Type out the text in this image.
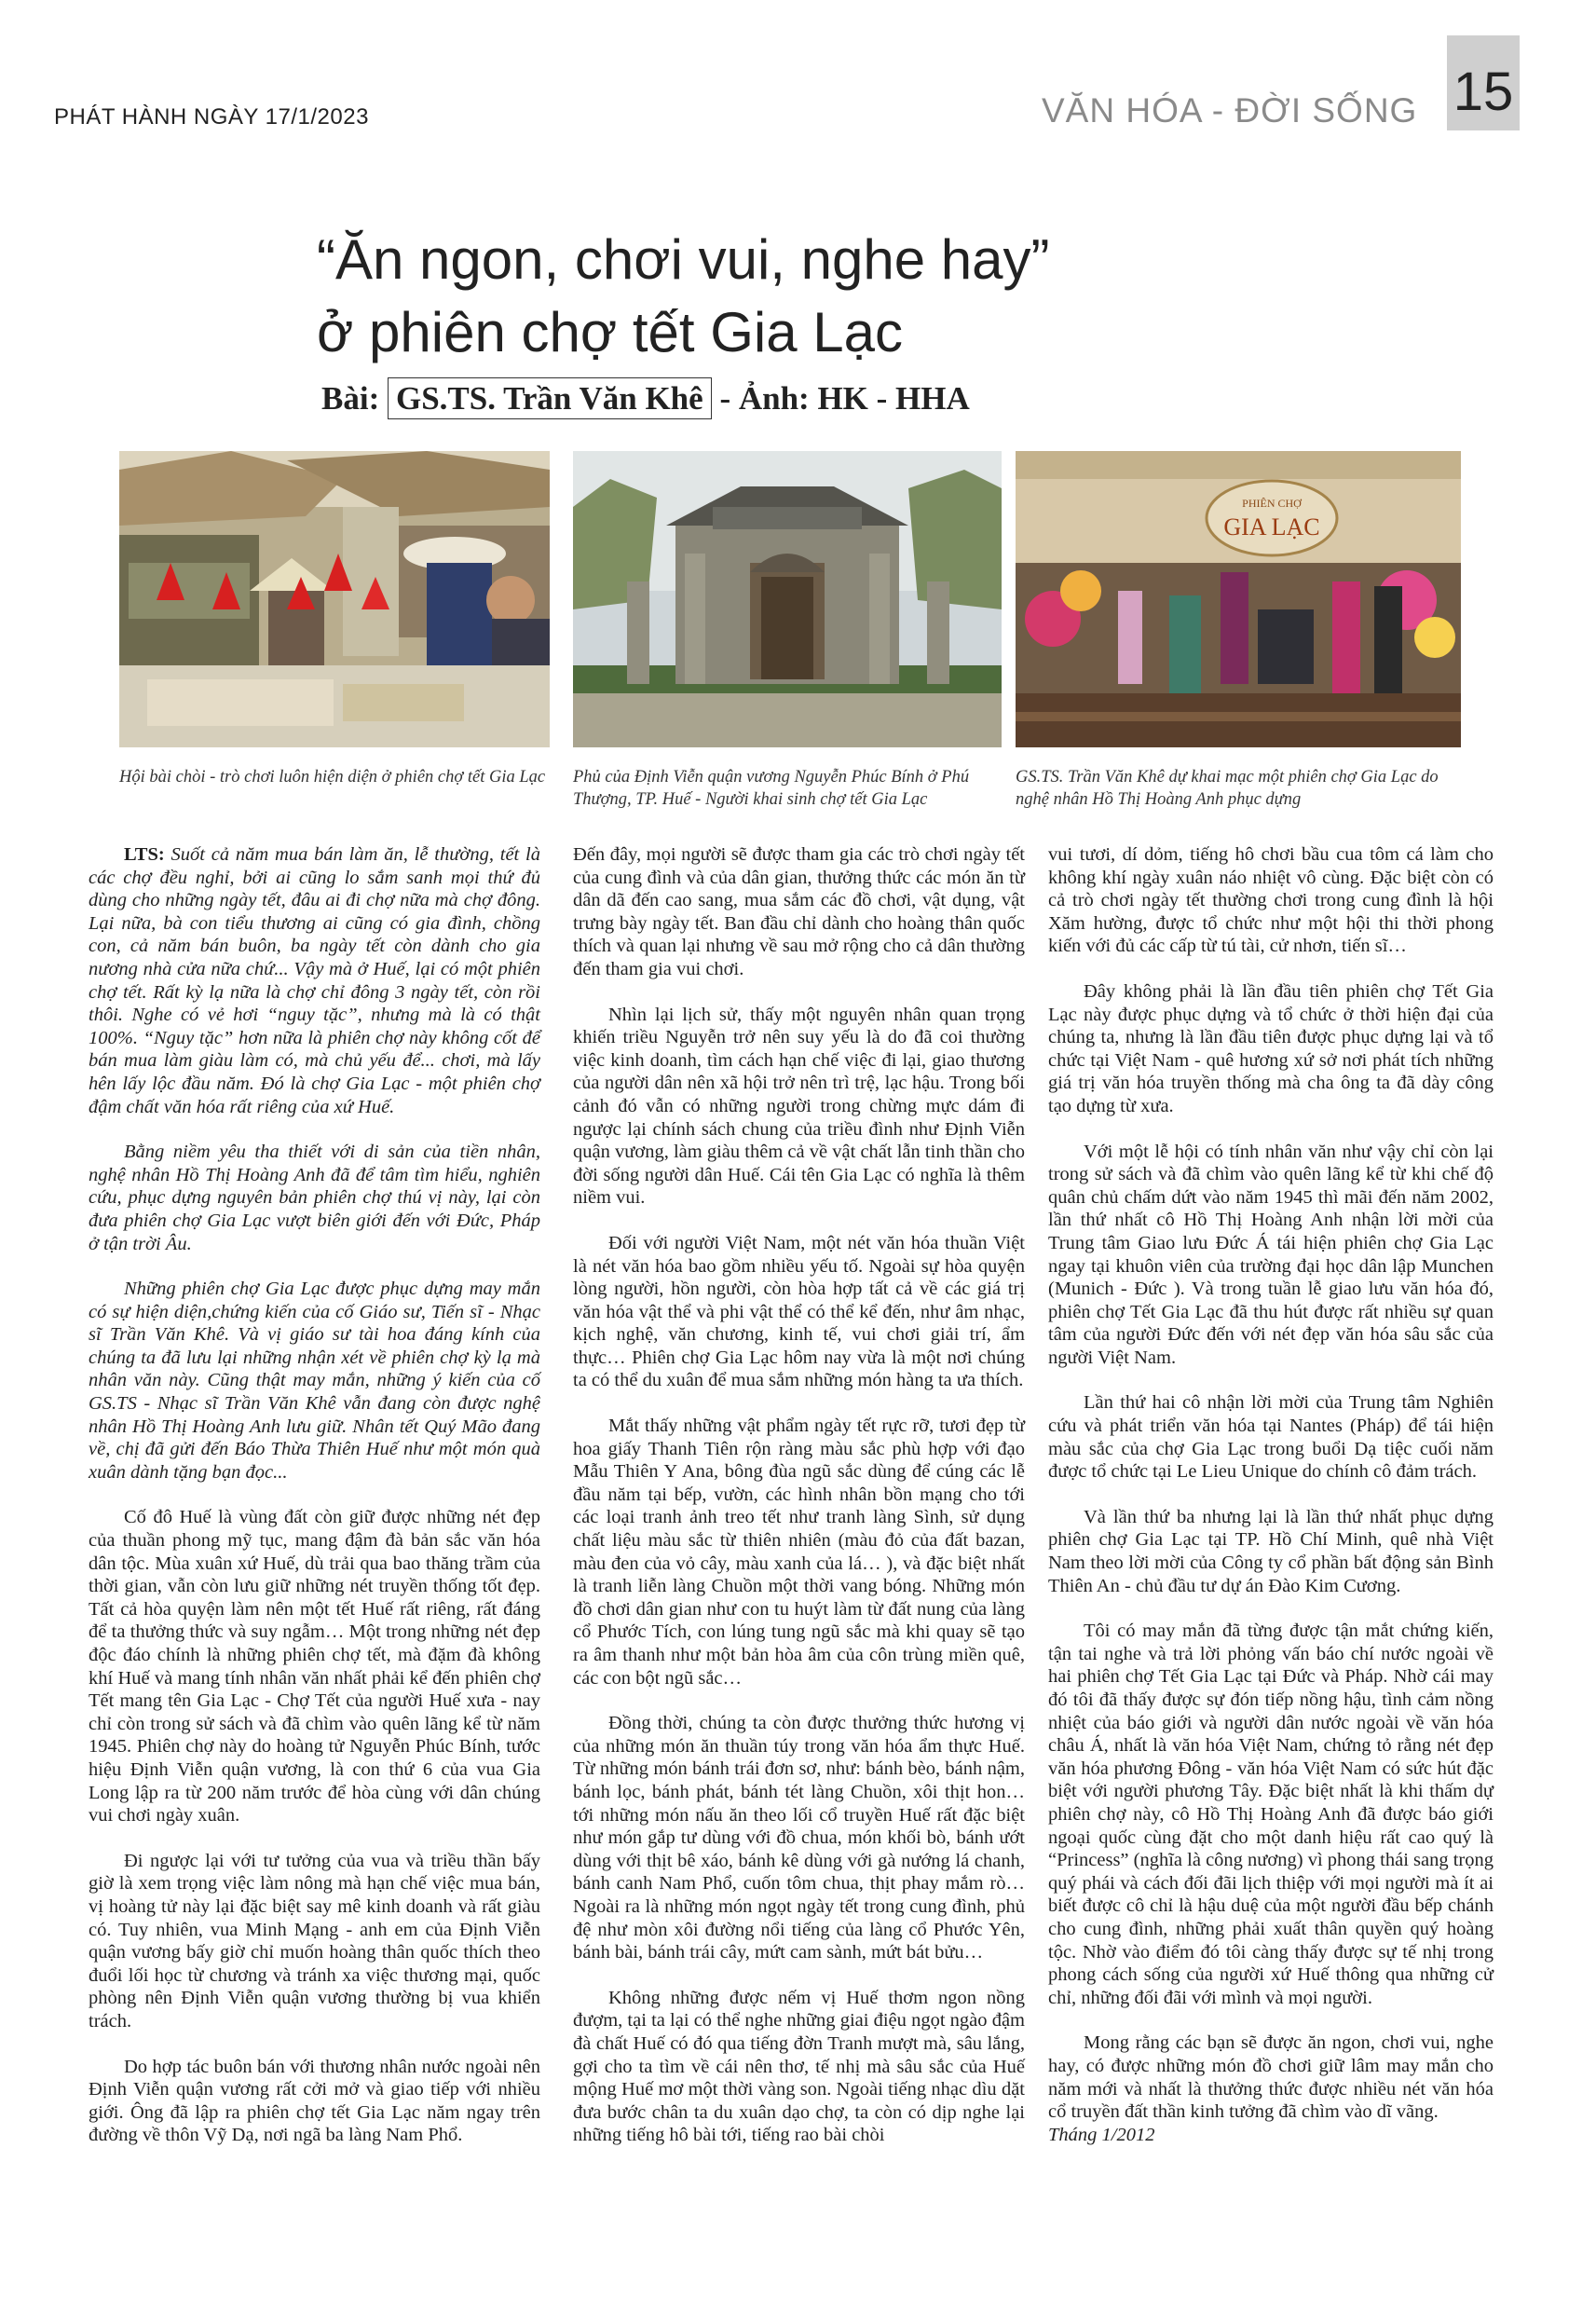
PHÁT HÀNH NGÀY 17/1/2023	VĂN HÓA - ĐỜI SỐNG 15
“Ăn ngon, chơi vui, nghe hay”
ở phiên chợ tết Gia Lạc
Bài: GS.TS. Trần Văn Khê - Ảnh: HK - HHA

Hội bài chòi - trò chơi luôn hiện diện ở phiên chợ tết Gia Lạc Phủ của Định Viễn quận vương Nguyễn Phúc Bính ở Phú Thượng, TP. Huế - Người khai sinh chợ tết Gia Lạc

PHIÊN CHỢ
GIA LẠC

GS.TS. Trần Văn Khê dự khai mạc một phiên chợ Gia Lạc do nghệ nhân Hồ Thị Hoàng Anh phục dựng

LTS: Suốt cả năm mua bán làm ăn, lễ thường, tết là các chợ đều nghỉ, bởi ai cũng lo sắm sanh mọi thứ đủ dùng cho những ngày tết, đâu ai đi chợ nữa mà chợ đông. Lại nữa, bà con tiểu thương ai cũng có gia đình, chồng con, cả năm bán buôn, ba ngày tết còn dành cho gia nương nhà cửa nữa chứ... Vậy mà ở Huế, lại có một phiên chợ tết. Rất kỳ lạ nữa là chợ chỉ đông 3 ngày tết, còn rồi thôi. Nghe có vẻ hơi “nguy tặc”, nhưng mà là có thật 100%. “Nguy tặc” hơn nữa là phiên chợ này không cốt để bán mua làm giàu làm có, mà chủ yếu để... chơi, mà lấy hên lấy lộc đầu năm. Đó là chợ Gia Lạc - một phiên chợ đậm chất văn hóa rất riêng của xứ Huế.

Bằng niềm yêu tha thiết với di sản của tiền nhân, nghệ nhân Hồ Thị Hoàng Anh đã để tâm tìm hiểu, nghiên cứu, phục dựng nguyên bản phiên chợ thú vị này, lại còn đưa phiên chợ Gia Lạc vượt biên giới đến với Đức, Pháp ở tận trời Âu.

Những phiên chợ Gia Lạc được phục dựng may mắn có sự hiện diện,chứng kiến của cố Giáo sư, Tiến sĩ - Nhạc sĩ Trần Văn Khê. Và vị giáo sư tài hoa đáng kính của chúng ta đã lưu lại những nhận xét về phiên chợ kỳ lạ mà nhân văn này. Cũng thật may mắn, những ý kiến của cố GS.TS - Nhạc sĩ Trần Văn Khê vẫn đang còn được nghệ nhân Hồ Thị Hoàng Anh lưu giữ. Nhân tết Quý Mão đang về, chị đã gửi đến Báo Thừa Thiên Huế như một món quà xuân dành tặng bạn đọc...

Cố đô Huế là vùng đất còn giữ được những nét đẹp của thuần phong mỹ tục, mang đậm đà bản sắc văn hóa dân tộc. Mùa xuân xứ Huế, dù trải qua bao thăng trầm của thời gian, vẫn còn lưu giữ những nét truyền thống tốt đẹp. Tất cả hòa quyện làm nên một tết Huế rất riêng, rất đáng để ta thưởng thức và suy ngẫm… Một trong những nét đẹp độc đáo chính là những phiên chợ tết, mà đặm đà không khí Huế và mang tính nhân văn nhất phải kể đến phiên chợ Tết mang tên Gia Lạc - Chợ Tết của người Huế xưa - nay chỉ còn trong sử sách và đã chìm vào quên lãng kể từ năm 1945. Phiên chợ này do hoàng tử Nguyễn Phúc Bính, tước hiệu Định Viễn quận vương, là con thứ 6 của vua Gia Long lập ra từ 200 năm trước để hòa cùng với dân chúng vui chơi ngày xuân.

Đi ngược lại với tư tưởng của vua và triều thần bấy giờ là xem trọng việc làm nông mà hạn chế việc mua bán, vị hoàng tử này lại đặc biệt say mê kinh doanh và rất giàu có. Tuy nhiên, vua Minh Mạng - anh em của Định Viễn quận vương bấy giờ chỉ muốn hoàng thân quốc thích theo đuổi lối học từ chương và tránh xa việc thương mại, quốc phòng nên Định Viễn quận vương thường bị vua khiển trách.

Do hợp tác buôn bán với thương nhân nước ngoài nên Định Viễn quận vương rất cởi mở và giao tiếp với nhiều giới. Ông đã lập ra phiên chợ tết Gia Lạc năm ngay trên đường về thôn Vỹ Dạ, nơi ngã ba làng Nam Phổ.

Đến đây, mọi người sẽ được tham gia các trò chơi ngày tết của cung đình và của dân gian, thưởng thức các món ăn từ dân dã đến cao sang, mua sắm các đồ chơi, vật dụng, vật trưng bày ngày tết. Ban đầu chỉ dành cho hoàng thân quốc thích và quan lại nhưng về sau mở rộng cho cả dân thường đến tham gia vui chơi.

Nhìn lại lịch sử, thấy một nguyên nhân quan trọng khiến triều Nguyễn trở nên suy yếu là do đã coi thường việc kinh doanh, tìm cách hạn chế việc đi lại, giao thương của người dân nên xã hội trở nên trì trệ, lạc hậu. Trong bối cảnh đó vẫn có những người trong chừng mực dám đi ngược lại chính sách chung của triều đình như Định Viễn quận vương, làm giàu thêm cả về vật chất lẫn tinh thần cho đời sống người dân Huế. Cái tên Gia Lạc có nghĩa là thêm niềm vui.

Đối với người Việt Nam, một nét văn hóa thuần Việt là nét văn hóa bao gồm nhiều yếu tố. Ngoài sự hòa quyện lòng người, hồn người, còn hòa hợp tất cả về các giá trị văn hóa vật thể và phi vật thể có thể kể đến, như âm nhạc, kịch nghệ, văn chương, kinh tế, vui chơi giải trí, ẩm thực… Phiên chợ Gia Lạc hôm nay vừa là một nơi chúng ta có thể du xuân để mua sắm những món hàng ta ưa thích.

Mắt thấy những vật phẩm ngày tết rực rỡ, tươi đẹp từ hoa giấy Thanh Tiên rộn ràng màu sắc phù hợp với đạo Mẫu Thiên Y Ana, bông đùa ngũ sắc dùng để cúng các lễ đầu năm tại bếp, vườn, các hình nhân bồn mạng cho tới các loại tranh ảnh treo tết như tranh làng Sình, sử dụng chất liệu màu sắc từ thiên nhiên (màu đỏ của đất bazan, màu đen của vỏ cây, màu xanh của lá… ), và đặc biệt nhất là tranh liễn làng Chuồn một thời vang bóng. Những món đồ chơi dân gian như con tu huýt làm từ đất nung của làng cổ Phước Tích, con lúng tung ngũ sắc mà khi quay sẽ tạo ra âm thanh như một bản hòa âm của côn trùng miền quê, các con bột ngũ sắc…

Đồng thời, chúng ta còn được thưởng thức hương vị của những món ăn thuần túy trong văn hóa ẩm thực Huế. Từ những món bánh trái đơn sơ, như: bánh bèo, bánh nậm, bánh lọc, bánh phát, bánh tét làng Chuồn, xôi thịt hon… tới những món nấu ăn theo lối cổ truyền Huế rất đặc biệt như món gắp tư dùng với đồ chua, món khối bò, bánh ướt dùng với thịt bê xáo, bánh kê dùng với gà nướng lá chanh, bánh canh Nam Phổ, cuốn tôm chua, thịt phay mắm rò… Ngoài ra là những món ngọt ngày tết trong cung đình, phủ đệ như mòn xôi đường nổi tiếng của làng cổ Phước Yên, bánh bài, bánh trái cây, mứt cam sành, mứt bát bửu…

Không những được nếm vị Huế thơm ngon nồng đượm, tại ta lại có thể nghe những giai điệu ngọt ngào đậm đà chất Huế có đó qua tiếng đờn Tranh mượt mà, sâu lắng, gợi cho ta tìm về cái nên thơ, tế nhị mà sâu sắc của Huế mộng Huế mơ một thời vàng son. Ngoài tiếng nhạc dìu dặt đưa bước chân ta du xuân dạo chợ, ta còn có dịp nghe lại những tiếng hô bài tới, tiếng rao bài chòi

vui tươi, dí dỏm, tiếng hô chơi bầu cua tôm cá làm cho không khí ngày xuân náo nhiệt vô cùng. Đặc biệt còn có cả trò chơi ngày tết thường chơi trong cung đình là hội Xăm hường, được tổ chức như một hội thi thời phong kiến với đủ các cấp từ tú tài, cử nhơn, tiến sĩ…

Đây không phải là lần đầu tiên phiên chợ Tết Gia Lạc này được phục dựng và tổ chức ở thời hiện đại của chúng ta, nhưng là lần đầu tiên được phục dựng lại và tổ chức tại Việt Nam - quê hương xứ sở nơi phát tích những giá trị văn hóa truyền thống mà cha ông ta đã dày công tạo dựng từ xưa.

Với một lễ hội có tính nhân văn như vậy chỉ còn lại trong sử sách và đã chìm vào quên lãng kể từ khi chế độ quân chủ chấm dứt vào năm 1945 thì mãi đến năm 2002, lần thứ nhất cô Hồ Thị Hoàng Anh nhận lời mời của Trung tâm Giao lưu Đức Á tái hiện phiên chợ Gia Lạc ngay tại khuôn viên của trường đại học dân lập Munchen (Munich - Đức ). Và trong tuần lễ giao lưu văn hóa đó, phiên chợ Tết Gia Lạc đã thu hút được rất nhiều sự quan tâm của người Đức đến với nét đẹp văn hóa sâu sắc của người Việt Nam.

Lần thứ hai cô nhận lời mời của Trung tâm Nghiên cứu và phát triển văn hóa tại Nantes (Pháp) để tái hiện màu sắc của chợ Gia Lạc trong buổi Dạ tiệc cuối năm được tổ chức tại Le Lieu Unique do chính cô đảm trách.

Và lần thứ ba nhưng lại là lần thứ nhất phục dựng phiên chợ Gia Lạc tại TP. Hồ Chí Minh, quê nhà Việt Nam theo lời mời của Công ty cổ phần bất động sản Bình Thiên An - chủ đầu tư dự án Đào Kim Cương.

Tôi có may mắn đã từng được tận mắt chứng kiến, tận tai nghe và trả lời phỏng vấn báo chí nước ngoài về hai phiên chợ Tết Gia Lạc tại Đức và Pháp. Nhờ cái may đó tôi đã thấy được sự đón tiếp nồng hậu, tình cảm nồng nhiệt của báo giới và người dân nước ngoài về văn hóa châu Á, nhất là văn hóa Việt Nam, chứng tỏ rằng nét đẹp văn hóa phương Đông - văn hóa Việt Nam có sức hút đặc biệt với người phương Tây. Đặc biệt nhất là khi thấm dự phiên chợ này, cô Hồ Thị Hoàng Anh đã được báo giới ngoại quốc cùng đặt cho một danh hiệu rất cao quý là “Princess” (nghĩa là công nương) vì phong thái sang trọng quý phái và cách đối đãi lịch thiệp với mọi người mà ít ai biết được cô chỉ là hậu duệ của một người đầu bếp chánh cho cung đình, những phải xuất thân quyền quý hoàng tộc. Nhờ vào điểm đó tôi càng thấy được sự tế nhị trong phong cách sống của người xứ Huế thông qua những cử chỉ, những đối đãi với mình và mọi người.

Mong rằng các bạn sẽ được ăn ngon, chơi vui, nghe hay, có được những món đồ chơi giữ lâm may mắn cho năm mới và nhất là thưởng thức được nhiều nét văn hóa cổ truyền đất thần kinh tưởng đã chìm vào dĩ vãng.

Tháng 1/2012
